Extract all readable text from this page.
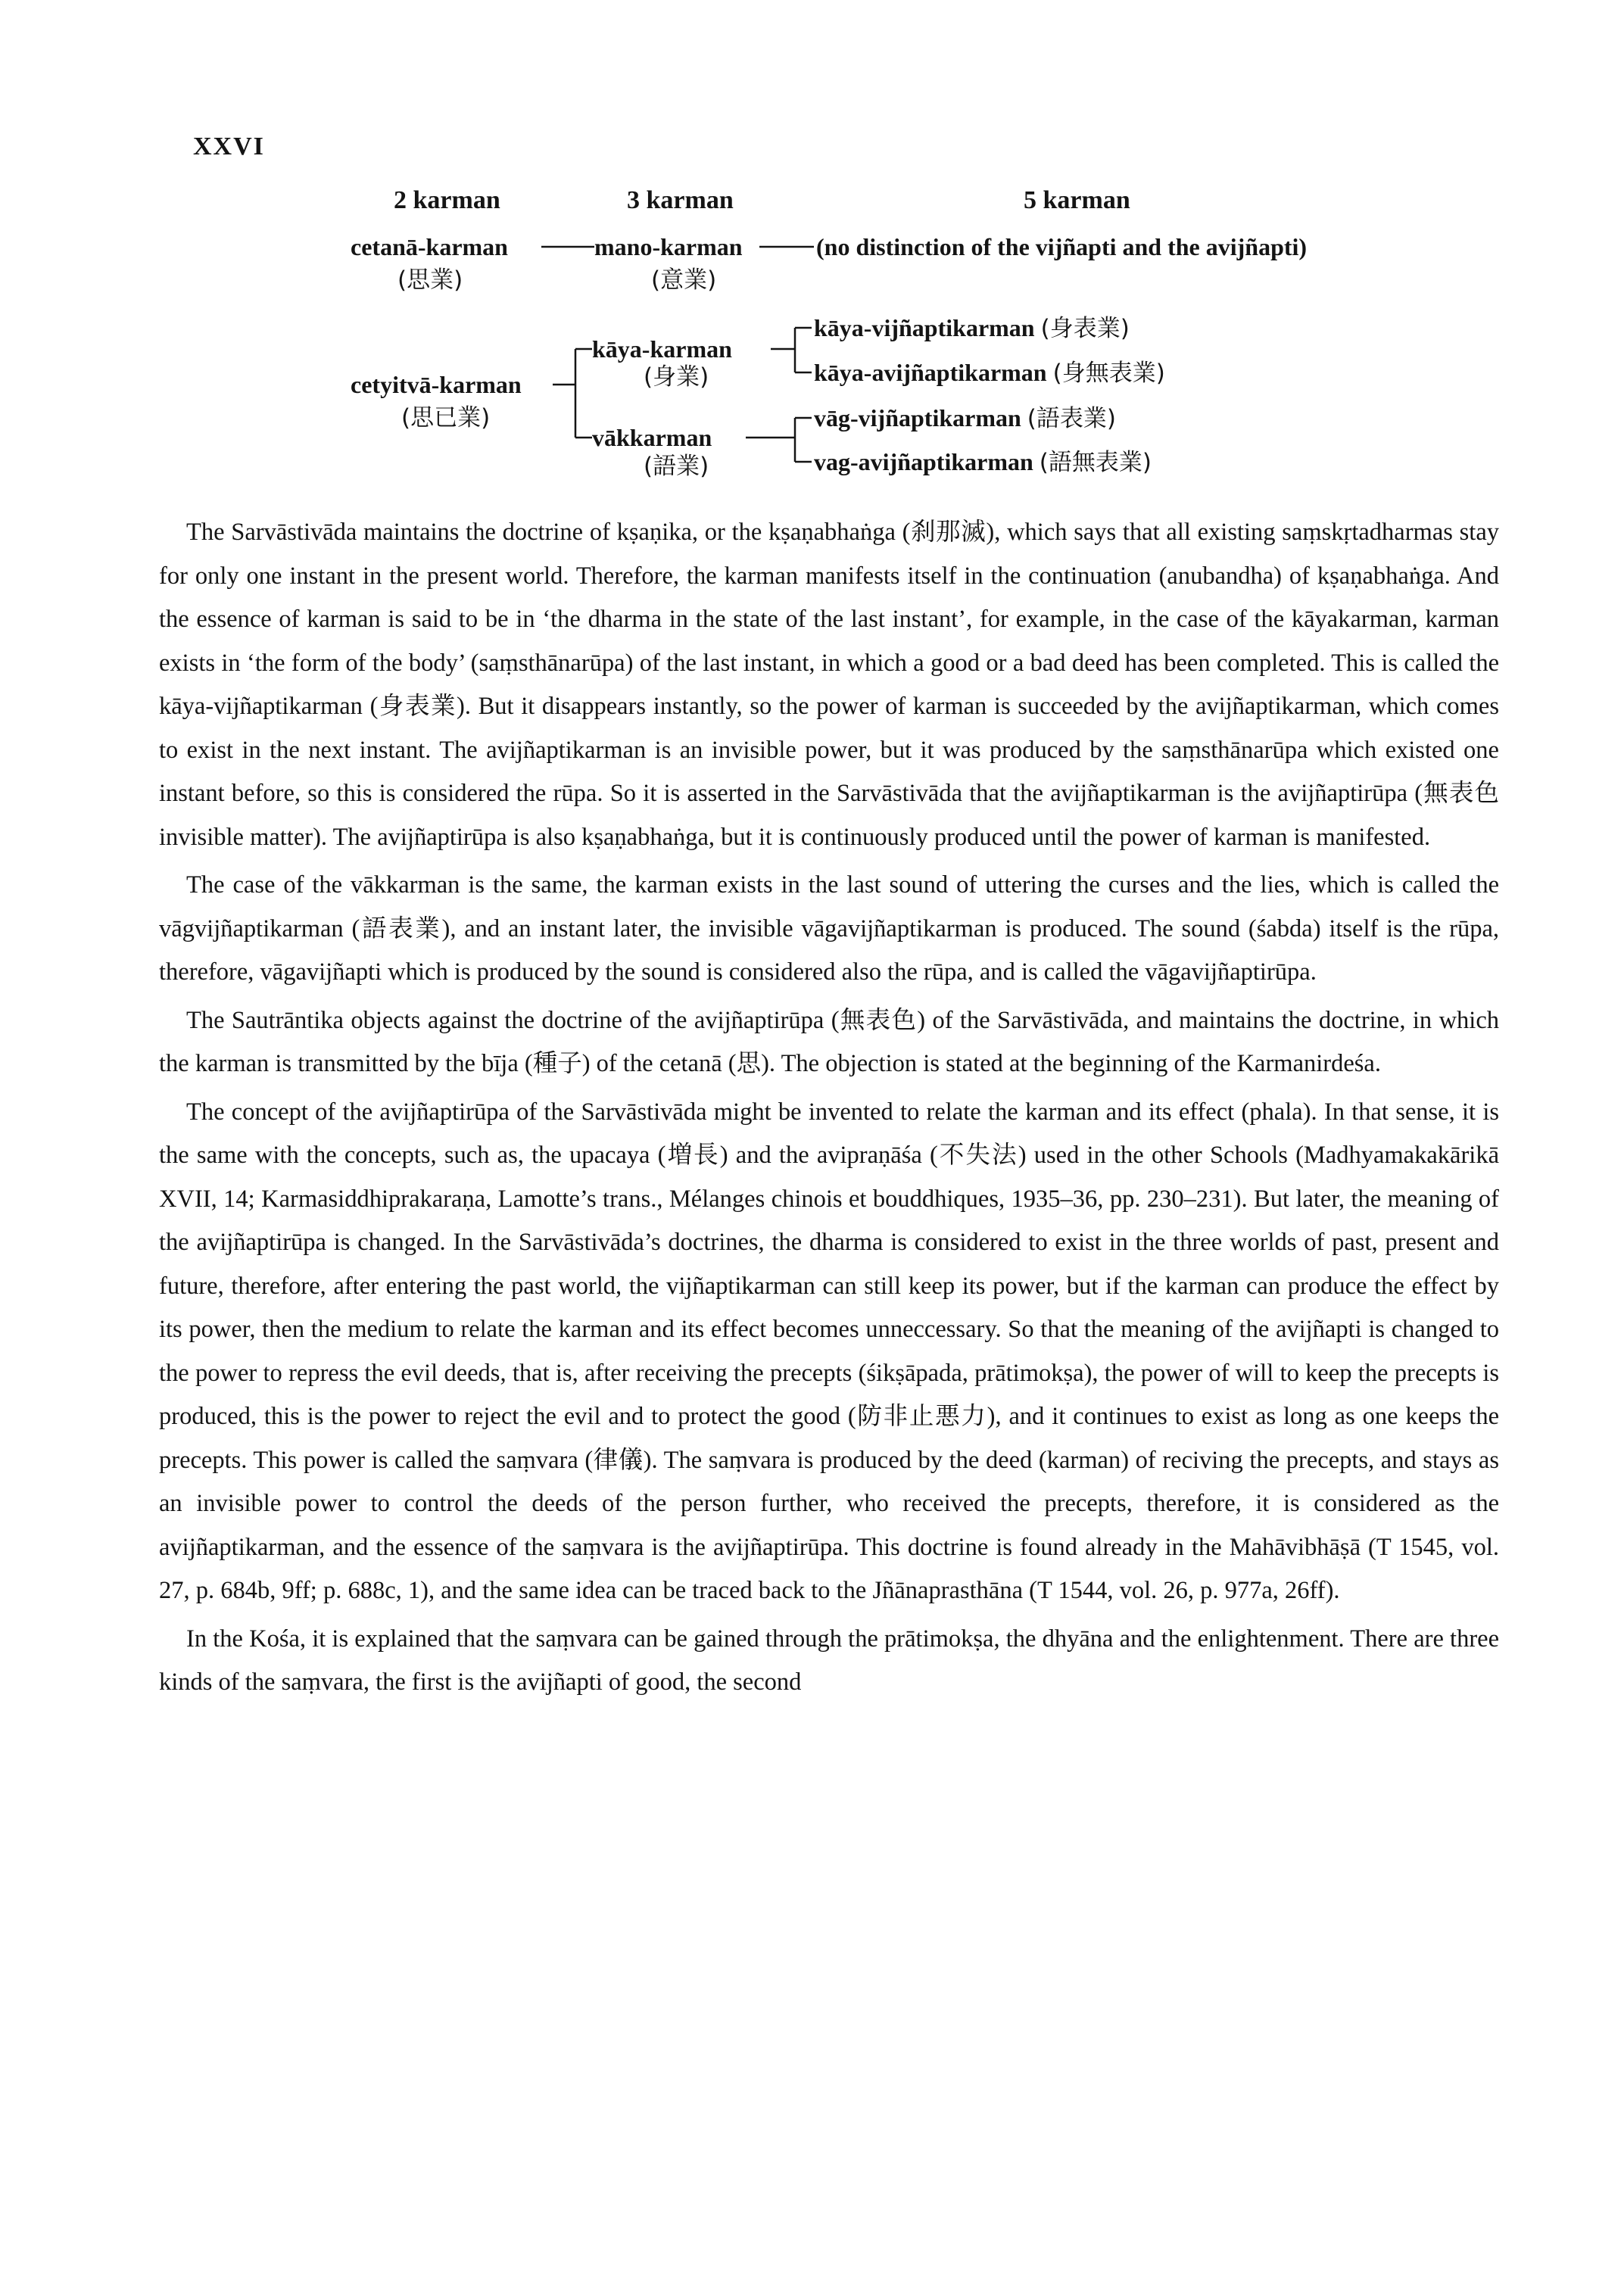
XXVI
2 karman	3 karman	5 karman
cetanā-karman
(思業)
mano-karman
(意業)
(no distinction of the vijñapti and the avijñapti)
cetyitvā-karman
(思已業)
kāya-karman
(身業)
vākkarman
(語業)
kāya-vijñaptikarman (身表業)
kāya-avijñaptikarman (身無表業)
vāg-vijñaptikarman (語表業)
vag-avijñaptikarman (語無表業)

The Sarvāstivāda maintains the doctrine of kṣaṇika, or the kṣaṇabhaṅga (刹那滅), which says that all existing saṃskṛtadharmas stay for only one instant in the present world. Therefore, the karman manifests itself in the continuation (anubandha) of kṣaṇabhaṅga. And the essence of karman is said to be in ‘the dharma in the state of the last instant’, for example, in the case of the kāyakarman, karman exists in ‘the form of the body’ (saṃsthānarūpa) of the last instant, in which a good or a bad deed has been completed. This is called the kāya-vijñaptikarman (身表業). But it disappears instantly, so the power of karman is succeeded by the avijñaptikarman, which comes to exist in the next instant. The avijñaptikarman is an invisible power, but it was produced by the saṃsthānarūpa which existed one instant before, so this is considered the rūpa. So it is asserted in the Sarvāstivāda that the avijñaptikarman is the avijñaptirūpa (無表色 invisible matter). The avijñaptirūpa is also kṣaṇabhaṅga, but it is continuously produced until the power of karman is manifested.

The case of the vākkarman is the same, the karman exists in the last sound of uttering the curses and the lies, which is called the vāgvijñaptikarman (語表業), and an instant later, the invisible vāgavijñaptikarman is produced. The sound (śabda) itself is the rūpa, therefore, vāgavijñapti which is produced by the sound is considered also the rūpa, and is called the vāgavijñaptirūpa.

The Sautrāntika objects against the doctrine of the avijñaptirūpa (無表色) of the Sarvāstivāda, and maintains the doctrine, in which the karman is transmitted by the bīja (種子) of the cetanā (思). The objection is stated at the beginning of the Karmanirdeśa.

The concept of the avijñaptirūpa of the Sarvāstivāda might be invented to relate the karman and its effect (phala). In that sense, it is the same with the concepts, such as, the upacaya (増長) and the avipraṇāśa (不失法) used in the other Schools (Madhyamakakārikā XVII, 14; Karmasiddhiprakaraṇa, Lamotte’s trans., Mélanges chinois et bouddhiques, 1935–36, pp. 230–231). But later, the meaning of the avijñaptirūpa is changed. In the Sarvāstivāda’s doctrines, the dharma is considered to exist in the three worlds of past, present and future, therefore, after entering the past world, the vijñaptikarman can still keep its power, but if the karman can produce the effect by its power, then the medium to relate the karman and its effect becomes unneccessary. So that the meaning of the avijñapti is changed to the power to repress the evil deeds, that is, after receiving the precepts (śikṣāpada, prātimokṣa), the power of will to keep the precepts is produced, this is the power to reject the evil and to protect the good (防非止悪力), and it continues to exist as long as one keeps the precepts. This power is called the saṃvara (律儀). The saṃvara is produced by the deed (karman) of reciving the precepts, and stays as an invisible power to control the deeds of the person further, who received the precepts, therefore, it is considered as the avijñaptikarman, and the essence of the saṃvara is the avijñaptirūpa. This doctrine is found already in the Mahāvibhāṣā (T 1545, vol. 27, p. 684b, 9ff; p. 688c, 1), and the same idea can be traced back to the Jñānaprasthāna (T 1544, vol. 26, p. 977a, 26ff).

In the Kośa, it is explained that the saṃvara can be gained through the prātimokṣa, the dhyāna and the enlightenment. There are three kinds of the saṃvara, the first is the avijñapti of good, the second
